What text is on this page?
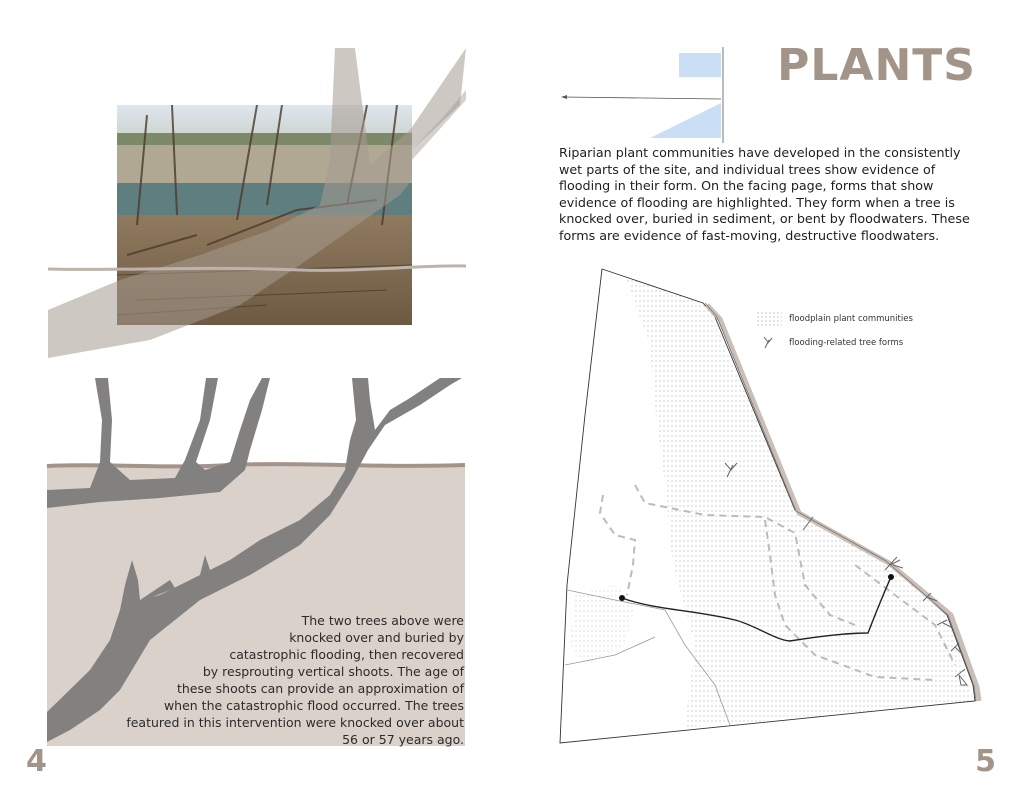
The two trees above were
knocked over and buried by
catastrophic flooding, then recovered
by resprouting vertical shoots. The age of
these shoots can provide an approximation of
when the catastrophic flood occurred. The trees
featured in this intervention were knocked over about
56 or 57 years ago.
4
PLANTS
Riparian plant communities have developed in the consistently wet parts of the site, and individual trees show evidence of flooding in their form. On the facing page, forms that show evidence of flooding are highlighted. They form when a tree is knocked over, buried in sediment, or bent by floodwaters. These forms are evidence of fast-moving, destructive floodwaters.
floodplain plant communities
flooding-related tree forms
5
